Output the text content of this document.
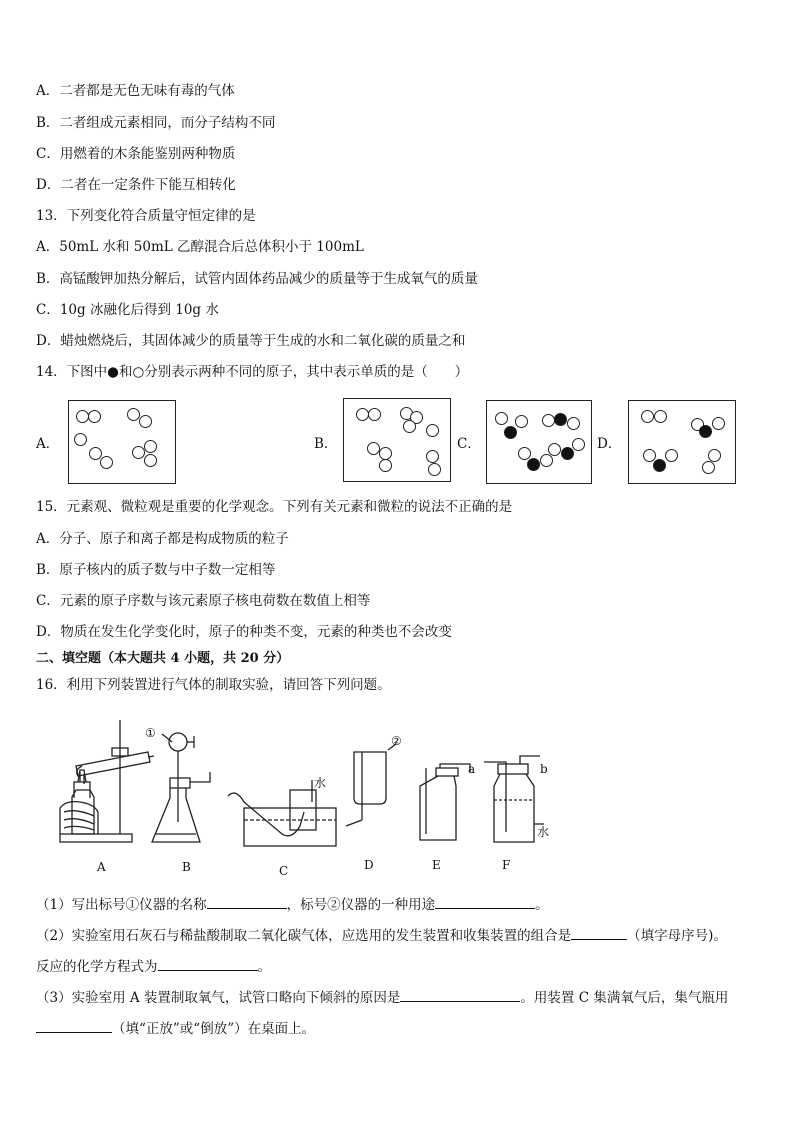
A．二者都是无色无味有毒的气体
B．二者组成元素相同，而分子结构不同
C．用燃着的木条能鉴别两种物质
D．二者在一定条件下能互相转化
13．下列变化符合质量守恒定律的是
A．50mL 水和 50mL 乙醇混合后总体积小于 100mL
B．高锰酸钾加热分解后，试管内固体药品减少的质量等于生成氧气的质量
C．10g 冰融化后得到 10g 水
D．蜡烛燃烧后，其固体减少的质量等于生成的水和二氧化碳的质量之和
14．下图中●和○分别表示两种不同的原子，其中表示单质的是（　　）
A．	B．	C．	D．
15．元素观、微粒观是重要的化学观念。下列有关元素和微粒的说法不正确的是
A．分子、原子和离子都是构成物质的粒子
B．原子核内的质子数与中子数一定相等
C．元素的原子序数与该元素原子核电荷数在数值上相等
D．物质在发生化学变化时，原子的种类不变，元素的种类也不会改变
二、填空题（本大题共 4 小题，共 20 分）
16．利用下列装置进行气体的制取实验，请回答下列问题。
①
②
水
水
a	b
A	B	C	D	E	F
（1）写出标号①仪器的名称	，标号②仪器的一种用途	。
（2）实验室用石灰石与稀盐酸制取二氧化碳气体，应选用的发生装置和收集装置的组合是	（填字母序号)。
反应的化学方程式为	。
（3）实验室用 A 装置制取氧气，试管口略向下倾斜的原因是	。用装置 C 集满氧气后，集气瓶用
（填“正放”或“倒放”）在桌面上。
